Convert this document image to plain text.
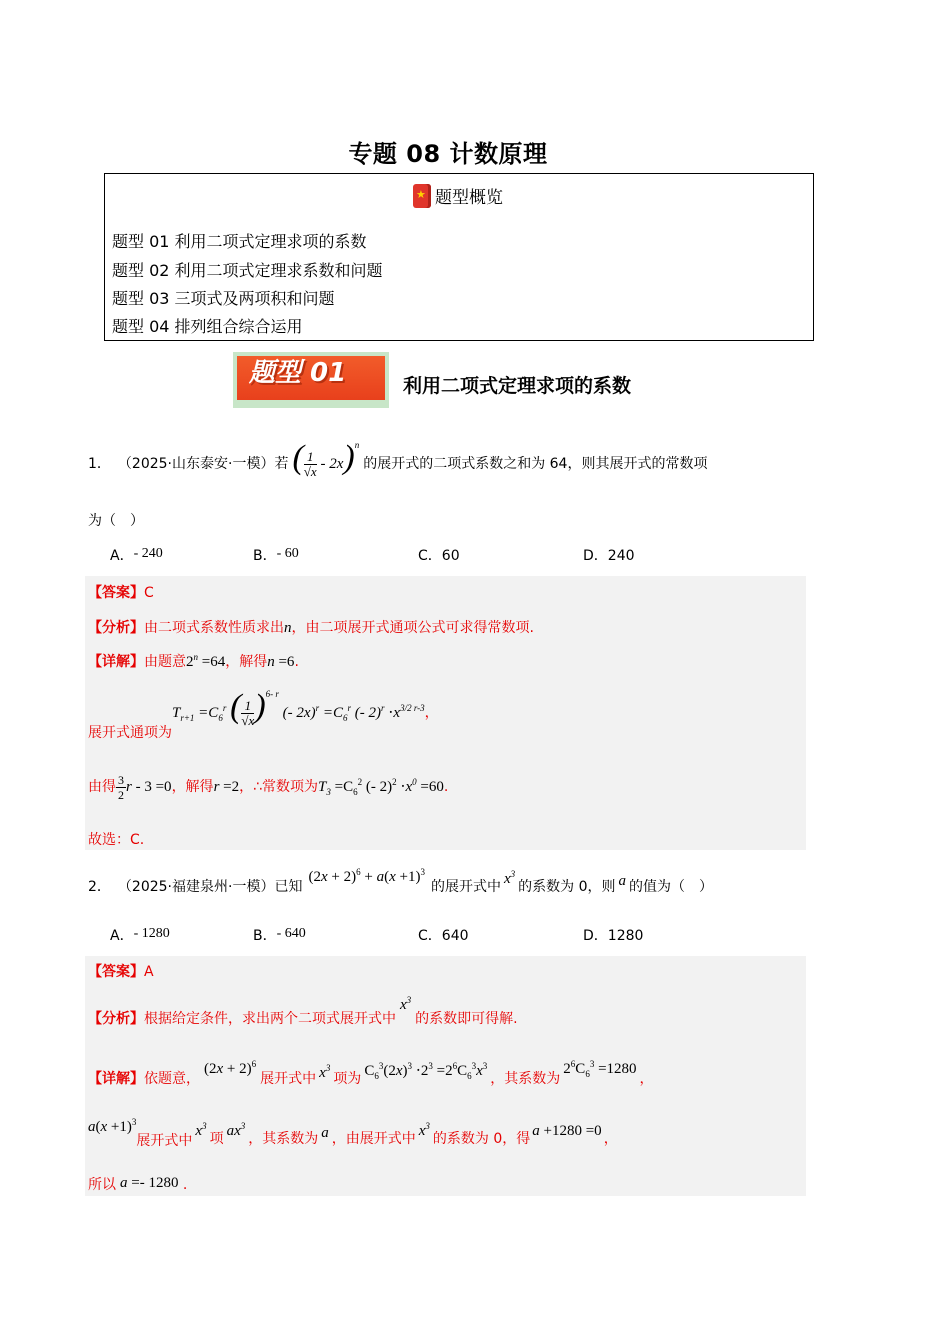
专题 08 计数原理
★题型概览
题型 01 利用二项式定理求项的系数
题型 02 利用二项式定理求系数和问题
题型 03 三项式及两项积和问题
题型 04 排列组合综合运用
题型 01	利用二项式定理求项的系数
1． （2025·山东泰安·一模）若 ( $\frac{1}{√x} - 2x)^n$的展开式的二项式系数之和为 64，则其展开式的常数项
为（　）
A．- 240	B．- 60	C．60	D．240
【答案】C
【分析】由二项式系数性质求出n，由二项展开式通项公式可求得常数项.
【详解】由题意$2^n =64$，解得n =6.
展开式通项为$T_{r+1} =C_6^r$ ( $\frac{1}{√x} )^{6- r}$ (- $2x)^r =C_6^r$ (- $2)^r \cdot x^{3/2 r-3}$，
由得 $\frac{3}{2}$ r - 3 =0，解得r =2，∴常数项为$T_3 =C_6^2$ (- $2)^2 \cdot x^0 =60$.
故选：C.
2． （2025·福建泉州·一模）已知$(2x + 2)^6 + a(x +1)^3$的展开式中 $x^3$的系数为 0，则 a 的值为（　）
A．- 1280	B．- 640	C．640	D．1280
【答案】A
【分析】根据给定条件，求出两个二项式展开式中$x^3$的系数即可得解.
【详解】依题意，$(2x + 2)^6$展开式中 $x^3$项为 $C_6^3(2x)^3 \cdot 2^3 =2^6C_6^3x^3$，其系数为$2^6C_6^3 =1280$，
$a(x +1)^3$展开式中$x^3$项 $ax^3$，其系数为 a ，由展开式中 $x^3$的系数为 0，得 a +1280 =0 ，
所以 a =- 1280 .
